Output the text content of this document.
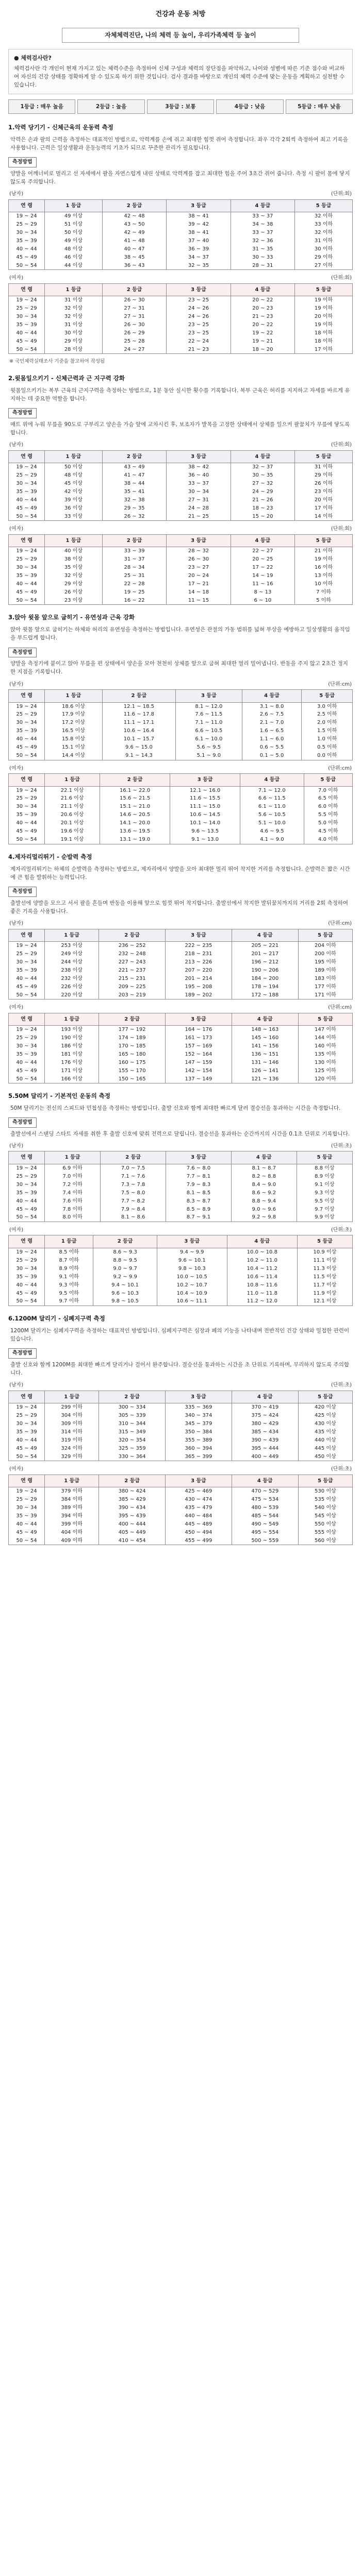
건강과 운동 처방
자체체력진단, 나의 체력 등 높이, 우리가족체력 등 높이
● 체력검사란?

체력검사란 각 개인이 현재 가지고 있는 체력수준을 측정하여 신체 구성과 체력의 장단점을 파악하고, 나이와 성별에 따른 기준 점수와 비교하여 자신의 건강 상태를 정확하게 알 수 있도록 하기 위한 것입니다. 검사 결과를 바탕으로 개인의 체력 수준에 맞는 운동을 계획하고 실천할 수 있습니다.

1등급 : 매우 높음	2등급 : 높음	3등급 : 보통	4등급 : 낮음	5등급 : 매우 낮음
1.악력 당기기 - 신체근육의 운동력 측정

악력은 손과 팔의 근력을 측정하는 대표적인 방법으로, 악력계를 손에 쥐고 최대한 힘껏 쥐어 측정합니다. 좌우 각각 2회씩 측정하여 최고 기록을 사용합니다. 근력은 일상생활과 운동능력의 기초가 되므로 꾸준한 관리가 필요합니다.

측정방법

양발을 어깨너비로 벌리고 선 자세에서 팔을 자연스럽게 내린 상태로 악력계를 잡고 최대한 힘을 주어 3초간 쥐어 줍니다. 측정 시 팔이 몸에 닿지 않도록 주의합니다.

(남자)	(단위:회)
연 령	1 등급	2 등급	3 등급	4 등급	5 등급
19 ~ 24	49 이상	42 ~ 48	38 ~ 41	33 ~ 37	32 이하
25 ~ 29	51 이상	43 ~ 50	39 ~ 42	34 ~ 38	33 이하
30 ~ 34	50 이상	42 ~ 49	38 ~ 41	33 ~ 37	32 이하
35 ~ 39	49 이상	41 ~ 48	37 ~ 40	32 ~ 36	31 이하
40 ~ 44	48 이상	40 ~ 47	36 ~ 39	31 ~ 35	30 이하
45 ~ 49	46 이상	38 ~ 45	34 ~ 37	30 ~ 33	29 이하
50 ~ 54	44 이상	36 ~ 43	32 ~ 35	28 ~ 31	27 이하
(여자)	(단위:회)
연 령	1 등급	2 등급	3 등급	4 등급	5 등급
19 ~ 24	31 이상	26 ~ 30	23 ~ 25	20 ~ 22	19 이하
25 ~ 29	32 이상	27 ~ 31	24 ~ 26	20 ~ 23	19 이하
30 ~ 34	32 이상	27 ~ 31	24 ~ 26	21 ~ 23	20 이하
35 ~ 39	31 이상	26 ~ 30	23 ~ 25	20 ~ 22	19 이하
40 ~ 44	30 이상	26 ~ 29	23 ~ 25	19 ~ 22	18 이하
45 ~ 49	29 이상	25 ~ 28	22 ~ 24	19 ~ 21	18 이하
50 ~ 54	28 이상	24 ~ 27	21 ~ 23	18 ~ 20	17 이하
※ 국민체력실태조사 기준을 참고하여 작성됨
2.윗몸일으키기 - 신체근력과 근 지구력 강화

윗몸일으키기는 복부 근육의 근지구력을 측정하는 방법으로, 1분 동안 실시한 횟수를 기록합니다. 복부 근육은 허리를 지지하고 자세를 바르게 유지하는 데 중요한 역할을 합니다.

측정방법

매트 위에 누워 무릎을 90도로 구부리고 양손을 가슴 앞에 교차시킨 후, 보조자가 발목을 고정한 상태에서 상체를 일으켜 팔꿈치가 무릎에 닿도록 합니다.

(남자)	(단위:회)
연 령	1 등급	2 등급	3 등급	4 등급	5 등급
19 ~ 24	50 이상	43 ~ 49	38 ~ 42	32 ~ 37	31 이하
25 ~ 29	48 이상	41 ~ 47	36 ~ 40	30 ~ 35	29 이하
30 ~ 34	45 이상	38 ~ 44	33 ~ 37	27 ~ 32	26 이하
35 ~ 39	42 이상	35 ~ 41	30 ~ 34	24 ~ 29	23 이하
40 ~ 44	39 이상	32 ~ 38	27 ~ 31	21 ~ 26	20 이하
45 ~ 49	36 이상	29 ~ 35	24 ~ 28	18 ~ 23	17 이하
50 ~ 54	33 이상	26 ~ 32	21 ~ 25	15 ~ 20	14 이하
(여자)	(단위:회)
연 령	1 등급	2 등급	3 등급	4 등급	5 등급
19 ~ 24	40 이상	33 ~ 39	28 ~ 32	22 ~ 27	21 이하
25 ~ 29	38 이상	31 ~ 37	26 ~ 30	20 ~ 25	19 이하
30 ~ 34	35 이상	28 ~ 34	23 ~ 27	17 ~ 22	16 이하
35 ~ 39	32 이상	25 ~ 31	20 ~ 24	14 ~ 19	13 이하
40 ~ 44	29 이상	22 ~ 28	17 ~ 21	11 ~ 16	10 이하
45 ~ 49	26 이상	19 ~ 25	14 ~ 18	8 ~ 13	7 이하
50 ~ 54	23 이상	16 ~ 22	11 ~ 15	6 ~ 10	5 이하
3.앉아 윗몸 앞으로 굽히기 - 유연성과 근육 강화

앉아 윗몸 앞으로 굽히기는 하체와 허리의 유연성을 측정하는 방법입니다. 유연성은 관절의 가동 범위를 넓혀 부상을 예방하고 일상생활의 움직임을 부드럽게 합니다.

측정방법

양발을 측정기에 붙이고 앉아 무릎을 편 상태에서 양손을 모아 천천히 상체를 앞으로 굽혀 최대한 멀리 밀어냅니다. 반동을 주지 않고 2초간 정지한 지점을 기록합니다.

(남자)	(단위:cm)
연 령	1 등급	2 등급	3 등급	4 등급	5 등급
19 ~ 24	18.6 이상	12.1 ~ 18.5	8.1 ~ 12.0	3.1 ~ 8.0	3.0 이하
25 ~ 29	17.9 이상	11.6 ~ 17.8	7.6 ~ 11.5	2.6 ~ 7.5	2.5 이하
30 ~ 34	17.2 이상	11.1 ~ 17.1	7.1 ~ 11.0	2.1 ~ 7.0	2.0 이하
35 ~ 39	16.5 이상	10.6 ~ 16.4	6.6 ~ 10.5	1.6 ~ 6.5	1.5 이하
40 ~ 44	15.8 이상	10.1 ~ 15.7	6.1 ~ 10.0	1.1 ~ 6.0	1.0 이하
45 ~ 49	15.1 이상	9.6 ~ 15.0	5.6 ~ 9.5	0.6 ~ 5.5	0.5 이하
50 ~ 54	14.4 이상	9.1 ~ 14.3	5.1 ~ 9.0	0.1 ~ 5.0	0.0 이하
(여자)	(단위:cm)
연 령	1 등급	2 등급	3 등급	4 등급	5 등급
19 ~ 24	22.1 이상	16.1 ~ 22.0	12.1 ~ 16.0	7.1 ~ 12.0	7.0 이하
25 ~ 29	21.6 이상	15.6 ~ 21.5	11.6 ~ 15.5	6.6 ~ 11.5	6.5 이하
30 ~ 34	21.1 이상	15.1 ~ 21.0	11.1 ~ 15.0	6.1 ~ 11.0	6.0 이하
35 ~ 39	20.6 이상	14.6 ~ 20.5	10.6 ~ 14.5	5.6 ~ 10.5	5.5 이하
40 ~ 44	20.1 이상	14.1 ~ 20.0	10.1 ~ 14.0	5.1 ~ 10.0	5.0 이하
45 ~ 49	19.6 이상	13.6 ~ 19.5	9.6 ~ 13.5	4.6 ~ 9.5	4.5 이하
50 ~ 54	19.1 이상	13.1 ~ 19.0	9.1 ~ 13.0	4.1 ~ 9.0	4.0 이하
4.제자리멀리뛰기 - 순발력 측정

제자리멀리뛰기는 하체의 순발력을 측정하는 방법으로, 제자리에서 양발을 모아 최대한 멀리 뛰어 착지한 거리를 측정합니다. 순발력은 짧은 시간에 큰 힘을 발휘하는 능력입니다.

측정방법

출발선에 양발을 모으고 서서 팔을 흔들며 반동을 이용해 앞으로 힘껏 뛰어 착지합니다. 출발선에서 착지한 발뒤꿈치까지의 거리를 2회 측정하여 좋은 기록을 사용합니다.

(남자)	(단위:cm)
연 령	1 등급	2 등급	3 등급	4 등급	5 등급
19 ~ 24	253 이상	236 ~ 252	222 ~ 235	205 ~ 221	204 이하
25 ~ 29	249 이상	232 ~ 248	218 ~ 231	201 ~ 217	200 이하
30 ~ 34	244 이상	227 ~ 243	213 ~ 226	196 ~ 212	195 이하
35 ~ 39	238 이상	221 ~ 237	207 ~ 220	190 ~ 206	189 이하
40 ~ 44	232 이상	215 ~ 231	201 ~ 214	184 ~ 200	183 이하
45 ~ 49	226 이상	209 ~ 225	195 ~ 208	178 ~ 194	177 이하
50 ~ 54	220 이상	203 ~ 219	189 ~ 202	172 ~ 188	171 이하
(여자)	(단위:cm)
연 령	1 등급	2 등급	3 등급	4 등급	5 등급
19 ~ 24	193 이상	177 ~ 192	164 ~ 176	148 ~ 163	147 이하
25 ~ 29	190 이상	174 ~ 189	161 ~ 173	145 ~ 160	144 이하
30 ~ 34	186 이상	170 ~ 185	157 ~ 169	141 ~ 156	140 이하
35 ~ 39	181 이상	165 ~ 180	152 ~ 164	136 ~ 151	135 이하
40 ~ 44	176 이상	160 ~ 175	147 ~ 159	131 ~ 146	130 이하
45 ~ 49	171 이상	155 ~ 170	142 ~ 154	126 ~ 141	125 이하
50 ~ 54	166 이상	150 ~ 165	137 ~ 149	121 ~ 136	120 이하
5.50M 달리기 - 기본적인 운동의 측정

50M 달리기는 전신의 스피드와 민첩성을 측정하는 방법입니다. 출발 신호와 함께 최대한 빠르게 달려 결승선을 통과하는 시간을 측정합니다.

측정방법

출발선에서 스탠딩 스타트 자세를 취한 후 출발 신호에 맞춰 전력으로 달립니다. 결승선을 통과하는 순간까지의 시간을 0.1초 단위로 기록합니다.

(남자)	(단위:초)
연 령	1 등급	2 등급	3 등급	4 등급	5 등급
19 ~ 24	6.9 이하	7.0 ~ 7.5	7.6 ~ 8.0	8.1 ~ 8.7	8.8 이상
25 ~ 29	7.0 이하	7.1 ~ 7.6	7.7 ~ 8.1	8.2 ~ 8.8	8.9 이상
30 ~ 34	7.2 이하	7.3 ~ 7.8	7.9 ~ 8.3	8.4 ~ 9.0	9.1 이상
35 ~ 39	7.4 이하	7.5 ~ 8.0	8.1 ~ 8.5	8.6 ~ 9.2	9.3 이상
40 ~ 44	7.6 이하	7.7 ~ 8.2	8.3 ~ 8.7	8.8 ~ 9.4	9.5 이상
45 ~ 49	7.8 이하	7.9 ~ 8.4	8.5 ~ 8.9	9.0 ~ 9.6	9.7 이상
50 ~ 54	8.0 이하	8.1 ~ 8.6	8.7 ~ 9.1	9.2 ~ 9.8	9.9 이상
(여자)	(단위:초)
연 령	1 등급	2 등급	3 등급	4 등급	5 등급
19 ~ 24	8.5 이하	8.6 ~ 9.3	9.4 ~ 9.9	10.0 ~ 10.8	10.9 이상
25 ~ 29	8.7 이하	8.8 ~ 9.5	9.6 ~ 10.1	10.2 ~ 11.0	11.1 이상
30 ~ 34	8.9 이하	9.0 ~ 9.7	9.8 ~ 10.3	10.4 ~ 11.2	11.3 이상
35 ~ 39	9.1 이하	9.2 ~ 9.9	10.0 ~ 10.5	10.6 ~ 11.4	11.5 이상
40 ~ 44	9.3 이하	9.4 ~ 10.1	10.2 ~ 10.7	10.8 ~ 11.6	11.7 이상
45 ~ 49	9.5 이하	9.6 ~ 10.3	10.4 ~ 10.9	11.0 ~ 11.8	11.9 이상
50 ~ 54	9.7 이하	9.8 ~ 10.5	10.6 ~ 11.1	11.2 ~ 12.0	12.1 이상
6.1200M 달리기 - 심폐지구력 측정

1200M 달리기는 심폐지구력을 측정하는 대표적인 방법입니다. 심폐지구력은 심장과 폐의 기능을 나타내며 전반적인 건강 상태와 밀접한 관련이 있습니다.

측정방법

출발 신호와 함께 1200M를 최대한 빠르게 달리거나 걸어서 완주합니다. 결승선을 통과하는 시간을 초 단위로 기록하며, 무리하지 않도록 주의합니다.

(남자)	(단위:초)
연 령	1 등급	2 등급	3 등급	4 등급	5 등급
19 ~ 24	299 이하	300 ~ 334	335 ~ 369	370 ~ 419	420 이상
25 ~ 29	304 이하	305 ~ 339	340 ~ 374	375 ~ 424	425 이상
30 ~ 34	309 이하	310 ~ 344	345 ~ 379	380 ~ 429	430 이상
35 ~ 39	314 이하	315 ~ 349	350 ~ 384	385 ~ 434	435 이상
40 ~ 44	319 이하	320 ~ 354	355 ~ 389	390 ~ 439	440 이상
45 ~ 49	324 이하	325 ~ 359	360 ~ 394	395 ~ 444	445 이상
50 ~ 54	329 이하	330 ~ 364	365 ~ 399	400 ~ 449	450 이상
(여자)	(단위:초)
연 령	1 등급	2 등급	3 등급	4 등급	5 등급
19 ~ 24	379 이하	380 ~ 424	425 ~ 469	470 ~ 529	530 이상
25 ~ 29	384 이하	385 ~ 429	430 ~ 474	475 ~ 534	535 이상
30 ~ 34	389 이하	390 ~ 434	435 ~ 479	480 ~ 539	540 이상
35 ~ 39	394 이하	395 ~ 439	440 ~ 484	485 ~ 544	545 이상
40 ~ 44	399 이하	400 ~ 444	445 ~ 489	490 ~ 549	550 이상
45 ~ 49	404 이하	405 ~ 449	450 ~ 494	495 ~ 554	555 이상
50 ~ 54	409 이하	410 ~ 454	455 ~ 499	500 ~ 559	560 이상
